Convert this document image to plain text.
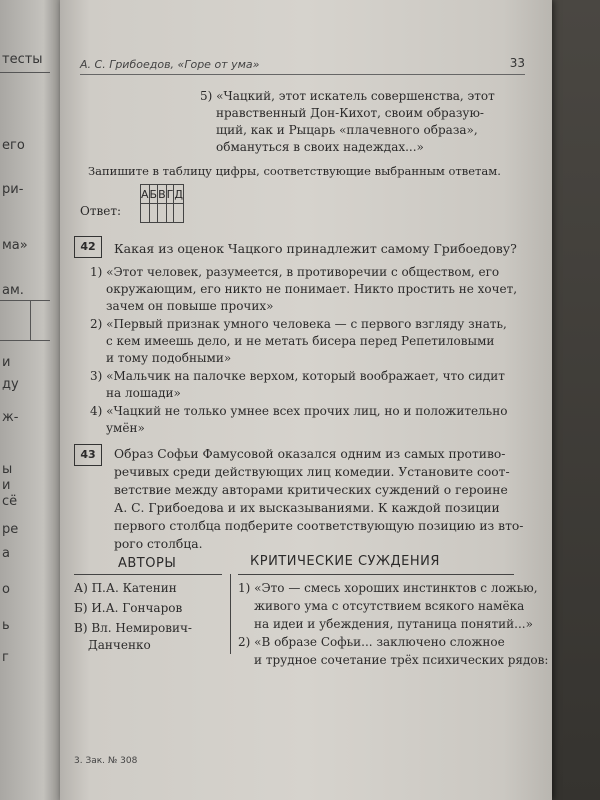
тесты
его
ри-
ма»
ам.
и
ду
ж-
ы
и
сё
ре
а
о
ь
г
А. С. Грибоедов, «Горе от ума»	33
5) «Чацкий, этот искатель совершенства, этот
нравственный Дон-Кихот, своим образую-
щий, как и Рыцарь «плачевного образа»,
обмануться в своих надеждах...»
Запишите в таблицу цифры, соответствующие выбранным ответам.
Ответ:
А	Б	В	Г	Д

42	Какая из оценок Чацкого принадлежит самому Грибоедову?
1) «Этот человек, разумеется, в противоречии с обществом, его
окружающим, его никто не понимает. Никто простить не хочет,
зачем он повыше прочих»
2) «Первый признак умного человека — с первого взгляду знать,
с кем имеешь дело, и не метать бисера перед Репетиловыми
и тому подобными»
3) «Мальчик на палочке верхом, который воображает, что сидит
на лошади»
4) «Чацкий не только умнее всех прочих лиц, но и положительно
умён»
43	Образ Софьи Фамусовой оказался одним из самых противо-
речивых среди действующих лиц комедии. Установите соот-
ветствие между авторами критических суждений о героине
А. С. Грибоедова и их высказываниями. К каждой позиции
первого столбца подберите соответствующую позицию из вто-
рого столбца.
АВТОРЫ	КРИТИЧЕСКИЕ СУЖДЕНИЯ
А) П.А. Катенин
Б) И.А. Гончаров
В) Вл. Немирович-
Данченко
1) «Это — смесь хороших инстинктов с ложью,
живого ума с отсутствием всякого намёка
на идеи и убеждения, путаница понятий...»
2) «В образе Софьи... заключено сложное
и трудное сочетание трёх психических рядов:
3. Зак. № 308
